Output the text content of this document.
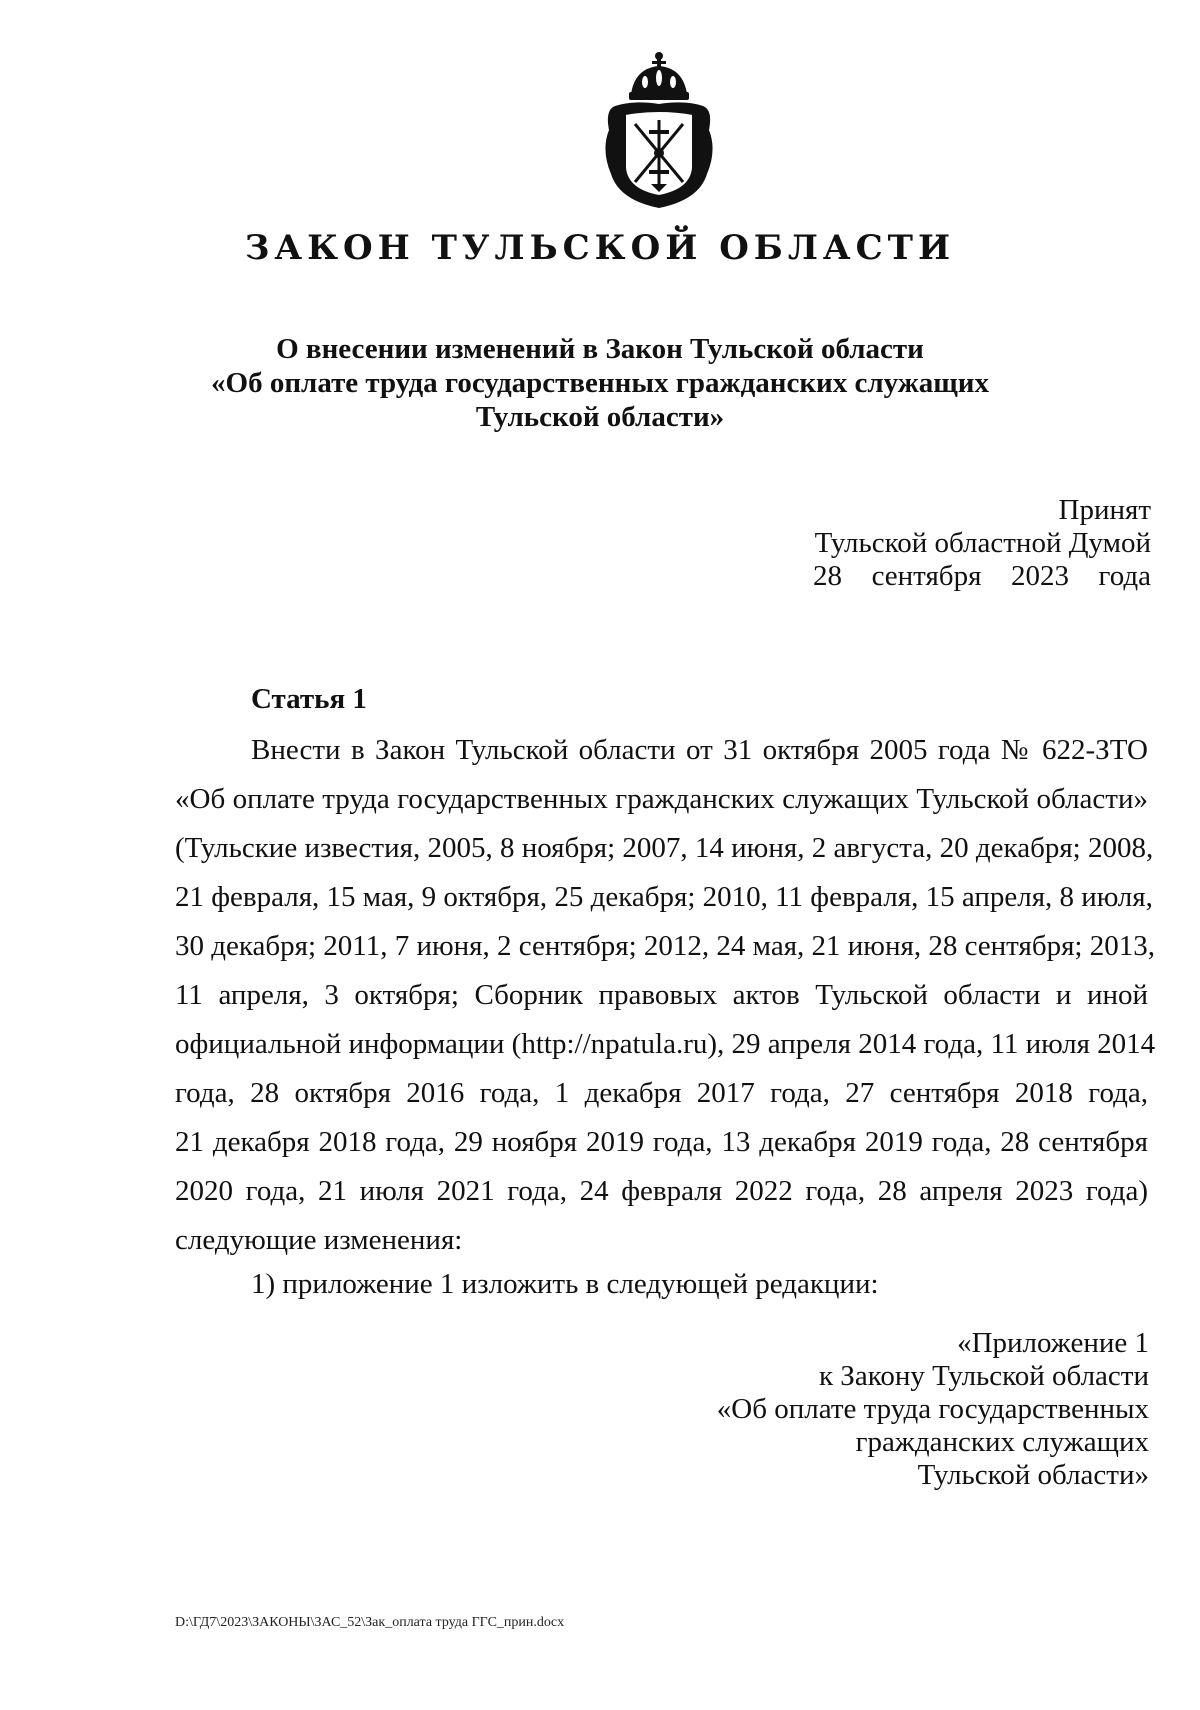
ЗАКОН ТУЛЬСКОЙ ОБЛАСТИ
О внесении изменений в Закон Тульской области
«Об оплате труда государственных гражданских служащих
Тульской области»
Принят
Тульской областной Думой
28 сентября 2023 года
Статья 1

Внести в Закон Тульской области от 31 октября 2005 года № 622-ЗТО
«Об оплате труда государственных гражданских служащих Тульской области»
(Тульские известия, 2005, 8 ноября; 2007, 14 июня, 2 августа, 20 декабря; 2008,
21 февраля, 15 мая, 9 октября, 25 декабря; 2010, 11 февраля, 15 апреля, 8 июля,
30 декабря; 2011, 7 июня, 2 сентября; 2012, 24 мая, 21 июня, 28 сентября; 2013,
11 апреля, 3 октября; Сборник правовых актов Тульской области и иной
официальной информации (http://npatula.ru), 29 апреля 2014 года, 11 июля 2014
года, 28 октября 2016 года, 1 декабря 2017 года, 27 сентября 2018 года,
21 декабря 2018 года, 29 ноября 2019 года, 13 декабря 2019 года, 28 сентября
2020 года, 21 июля 2021 года, 24 февраля 2022 года, 28 апреля 2023 года)
следующие изменения:

1) приложение 1 изложить в следующей редакции:

«Приложение 1
к Закону Тульской области
«Об оплате труда государственных
гражданских служащих
Тульской области»
D:\ГД7\2023\ЗАКОНЫ\ЗАС_52\Зак_оплата труда ГГС_прин.docx
